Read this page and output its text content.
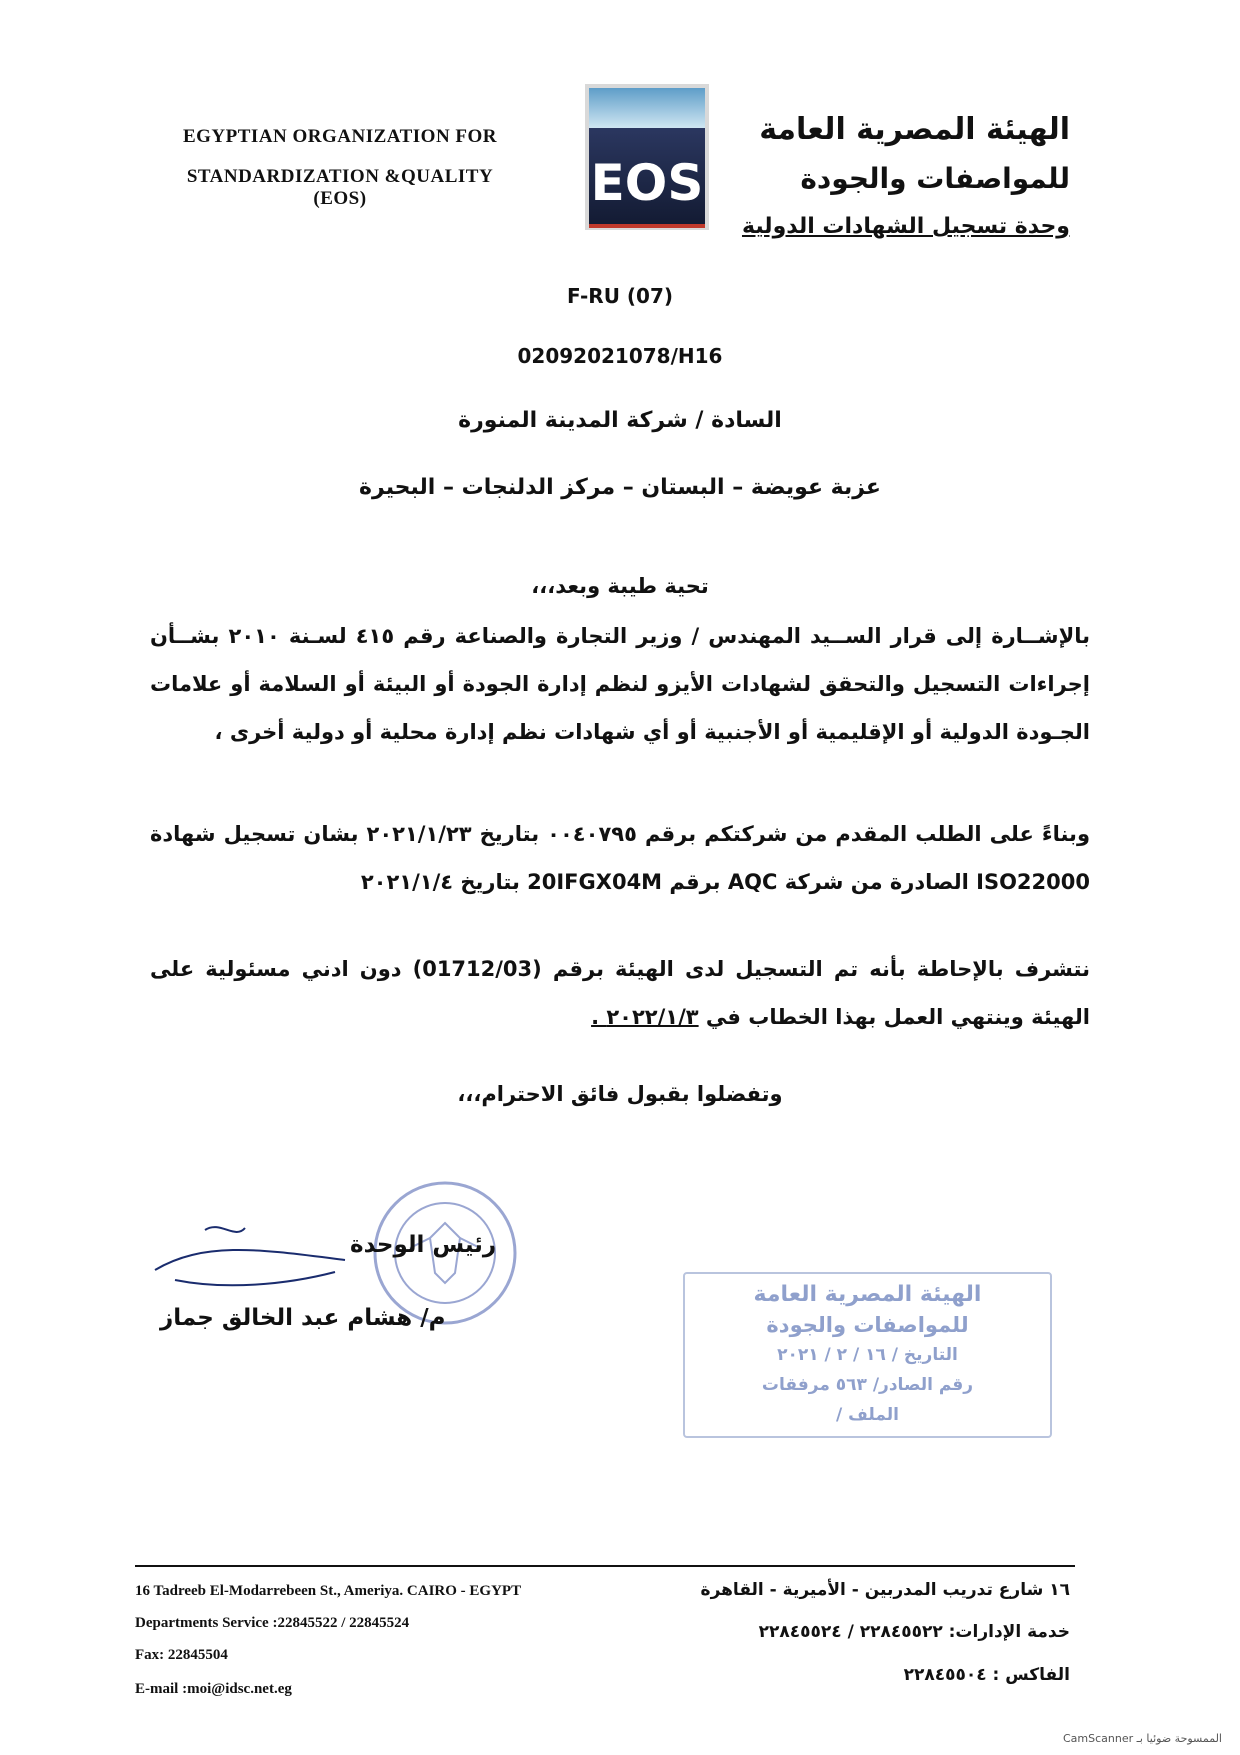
EGYPTIAN ORGANIZATION FOR
STANDARDIZATION &QUALITY (EOS)	EOS
الهيئة المصرية العامة
للمواصفات والجودة
وحدة تسجيل الشهادات الدولية
F-RU (07)
02092021078/H16
السادة / شركة المدينة المنورة
عزبة عويضة – البستان – مركز الدلنجات – البحيرة
تحية طيبة وبعد،،،
بالإشــارة إلى قرار الســيد المهندس / وزير التجارة والصناعة رقم ٤١٥ لسـنة ٢٠١٠ بشــأن إجراءات التسجيل والتحقق لشهادات الأيزو لنظم إدارة الجودة أو البيئة أو السلامة أو علامات الجـودة الدولية أو الإقليمية أو الأجنبية أو أي شهادات نظم إدارة محلية أو دولية أخرى ،
وبناءً على الطلب المقدم من شركتكم برقم ٠٠٤٠٧٩٥ بتاريخ ٢٠٢١/١/٢٣ بشان تسجيل شهادة ISO22000 الصادرة من شركة AQC برقم 20IFGX04M بتاريخ ٢٠٢١/١/٤
نتشرف بالإحاطة بأنه تم التسجيل لدى الهيئة برقم (01712/03) دون ادني مسئولية على الهيئة وينتهي العمل بهذا الخطاب في ٢٠٢٢/١/٣ .
وتفضلوا بقبول فائق الاحترام،،،
رئيس الوحدة
م/ هشام عبد الخالق جماز
الهيئة المصرية العامة
للمواصفات والجودة
التاريخ / ١٦ / ٢ / ٢٠٢١
رقم الصادر/ ٥٦٣ مرفقات
الملف /
16 Tadreeb El-Modarrebeen St., Ameriya. CAIRO - EGYPT
Departments Service :22845522 / 22845524
Fax: 22845504
E-mail :moi@idsc.net.eg
١٦ شارع تدريب المدربين - الأميرية - القاهرة
خدمة الإدارات: ٢٢٨٤٥٥٢٢ / ٢٢٨٤٥٥٢٤
الفاكس : ٢٢٨٤٥٥٠٤
الممسوحة ضوئيا بـ CamScanner
